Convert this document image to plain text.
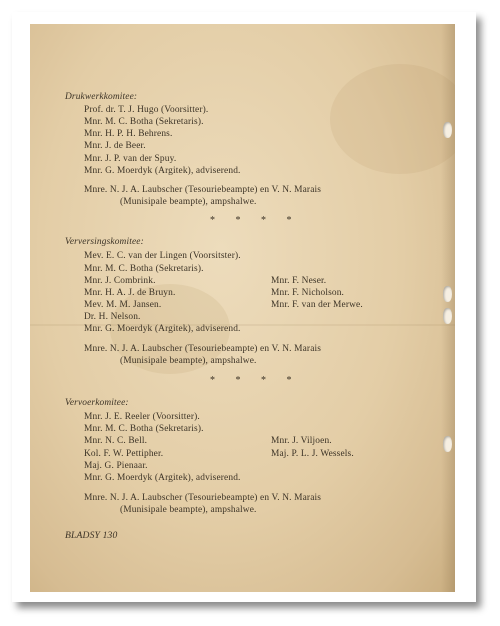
Drukwerkkomitee:
Prof. dr. T. J. Hugo (Voorsitter).
Mnr. M. C. Botha (Sekretaris).
Mnr. H. P. H. Behrens.
Mnr. J. de Beer.
Mnr. J. P. van der Spuy.
Mnr. G. Moerdyk (Argitek), adviserend.
Mnre. N. J. A. Laubscher (Tesouriebeampte) en V. N. Marais
(Munisipale beampte), ampshalwe.
* * * *
Verversingskomitee:
Mev. E. C. van der Lingen (Voorsitster).
Mnr. M. C. Botha (Sekretaris).
Mnr. J. Combrink.	Mnr. F. Neser.
Mnr. H. A. J. de Bruyn.	Mnr. F. Nicholson.
Mev. M. M. Jansen.	Mnr. F. van der Merwe.
Dr. H. Nelson.
Mnr. G. Moerdyk (Argitek), adviserend.
Mnre. N. J. A. Laubscher (Tesouriebeampte) en V. N. Marais
(Munisipale beampte), ampshalwe.
* * * *
Vervoerkomitee:
Mnr. J. E. Reeler (Voorsitter).
Mnr. M. C. Botha (Sekretaris).
Mnr. N. C. Bell.	Mnr. J. Viljoen.
Kol. F. W. Pettipher.	Maj. P. L. J. Wessels.
Maj. G. Pienaar.
Mnr. G. Moerdyk (Argitek), adviserend.
Mnre. N. J. A. Laubscher (Tesouriebeampte) en V. N. Marais
(Munisipale beampte), ampshalwe.
BLADSY 130
